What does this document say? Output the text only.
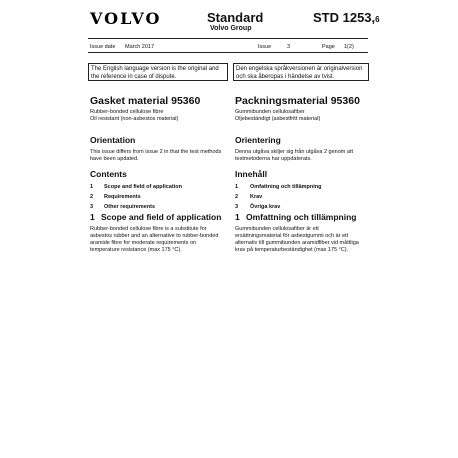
VOLVO	Standard
Volvo Group
STD 1253,6
Issue date March 2017	Issue	3	Page 1(2)
The English language version is the original and the reference in case of dispute.
Den engelska språkversionen är originalversion och ska åberopas i händelse av tvist.
Gasket material 95360
Rubber-bonded cellulose fibre
Oil resistant (non-asbestos material)
Orientation
This issue differs from issue 2 in that the test methods have been updated.
Contents
1 Scope and field of application
2 Requirements
3 Other requirements
1 Scope and field of application
Rubber-bonded cellulose fibre is a substitute for asbestos rubber and an alternative to rubber-bonded aramide fibre for moderate requirements on temperature resistance (max 175 °C).
Packningsmaterial 95360
Gummibunden cellulosafiber
Oljebeständigt (asbestfritt material)
Orientering
Denna utgåva skiljer sig från utgåva 2 genom att testmetoderna har uppdaterats.
Innehåll
1 Omfattning och tillämpning
2 Krav
3 Övriga krav
1 Omfattning och tillämpning
Gummibunden cellulosafiber är ett ersättningsmaterial för asbestgummi och är ett alternativ till gummibunden aramidfiber vid måttliga krav på temperaturbeständighet (max 175 °C).
